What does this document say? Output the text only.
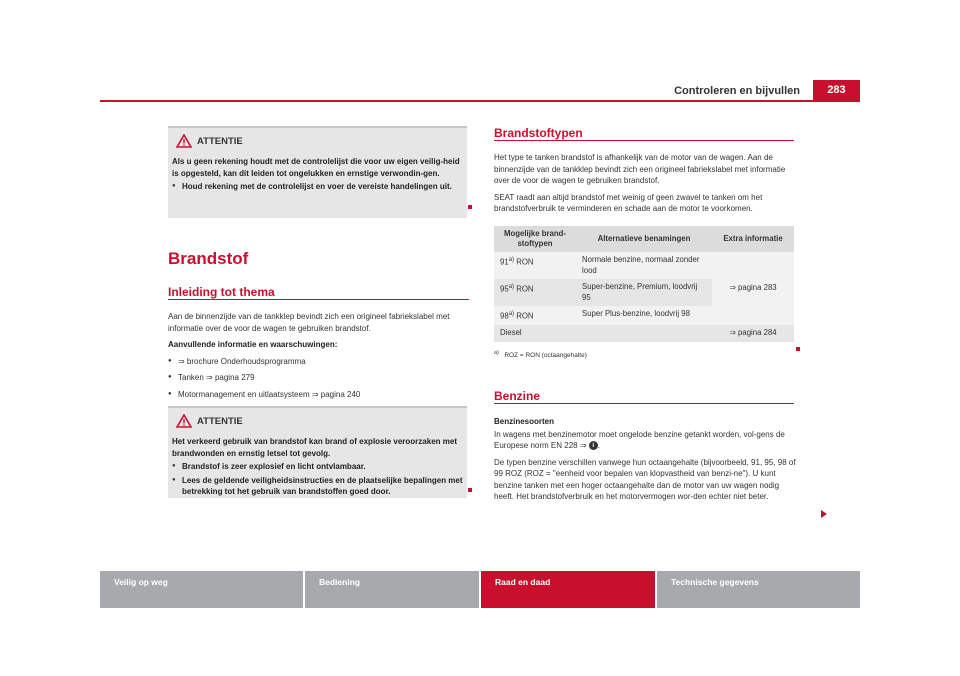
Controleren en bijvullen	283
ATTENTIE

Als u geen rekening houdt met de controlelijst die voor uw eigen veilig-heid is opgesteld, kan dit leiden tot ongelukken en ernstige verwondin-gen.

● Houd rekening met de controlelijst en voer de vereiste handelingen uit.

Brandstof
Inleiding tot thema

Aan de binnenzijde van de tankklep bevindt zich een origineel fabriekslabel met informatie over de voor de wagen te gebruiken brandstof.

Aanvullende informatie en waarschuwingen:

● ⇒ brochure Onderhoudsprogramma

● Tanken ⇒ pagina 279

● Motormanagement en uitlaatsysteem ⇒ pagina 240

ATTENTIE

Het verkeerd gebruik van brandstof kan brand of explosie veroorzaken met brandwonden en ernstig letsel tot gevolg.

● Brandstof is zeer explosief en licht ontvlambaar.

● Lees de geldende veiligheidsinstructies en de plaatselijke bepalingen met betrekking tot het gebruik van brandstoffen goed door.

Brandstoftypen

Het type te tanken brandstof is afhankelijk van de motor van de wagen. Aan de binnenzijde van de tankklep bevindt zich een origineel fabriekslabel met informatie over de voor de wagen te gebruiken brandstof.

SEAT raadt aan altijd brandstof met weinig of geen zwavel te tanken om het brandstofverbruik te verminderen en schade aan de motor te voorkomen.

Mogelijke brand-stoftypen	Alternatieve benamingen	Extra informatie
91$^{a)}$ RON	Normale benzine, normaal zonder lood	⇒ pagina 283
95$^{a)}$ RON	Super-benzine, Premium, loodvrij 95	
98$^{a)}$ RON	Super Plus-benzine, loodvrij 98	
Diesel		⇒ pagina 284
$^{a)}$ ROZ = RON (octaangehalte)
Benzine

Benzinesoorten

In wagens met benzinemotor moet ongelode benzine getankt worden, vol-gens de Europese norm EN 228 ⇒ i .

De typen benzine verschillen vanwege hun octaangehalte (bijvoorbeeld, 91, 95, 98 of 99 ROZ (ROZ = "eenheid voor bepalen van klopvastheid van benzi-ne"). U kunt benzine tanken met een hoger octaangehalte dan de motor van uw wagen nodig heeft. Het brandstofverbruik en het motorvermogen wor-den echter niet beter.

Veilig op weg	Bediening	Raad en daad	Technische gegevens
